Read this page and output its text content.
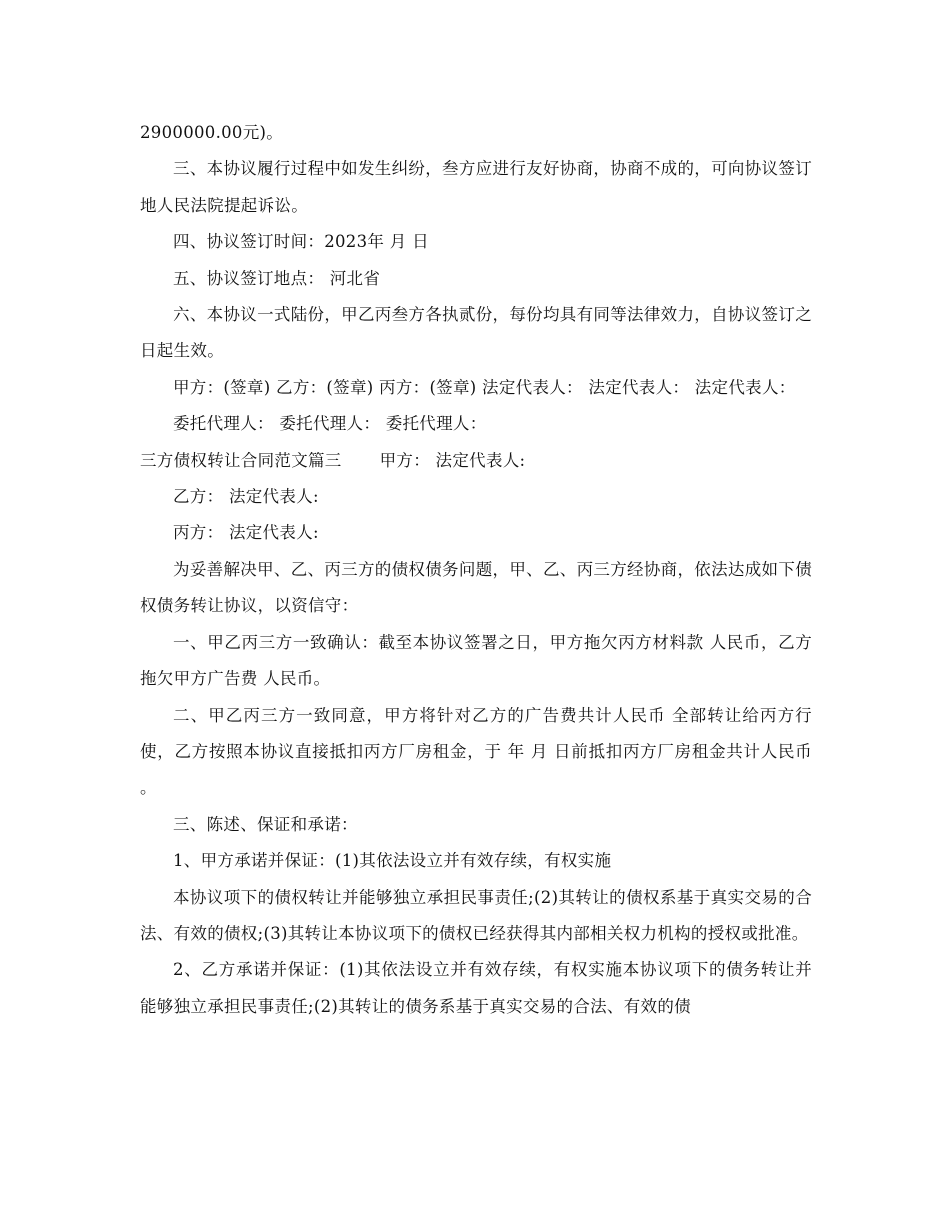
2900000.00元)。

三、本协议履行过程中如发生纠纷，叁方应进行友好协商，协商不成的，可向协议签订地人民法院提起诉讼。

四、协议签订时间：2023年 月 日

五、协议签订地点： 河北省

六、本协议一式陆份，甲乙丙叁方各执贰份，每份均具有同等法律效力，自协议签订之日起生效。

甲方：(签章) 乙方：(签章) 丙方：(签章) 法定代表人： 法定代表人： 法定代表人：

委托代理人： 委托代理人： 委托代理人：

三方债权转让合同范文篇三 甲方： 法定代表人:

乙方： 法定代表人:

丙方： 法定代表人:

为妥善解决甲、乙、丙三方的债权债务问题，甲、乙、丙三方经协商，依法达成如下债权债务转让协议，以资信守：

一、甲乙丙三方一致确认：截至本协议签署之日，甲方拖欠丙方材料款 人民币，乙方拖欠甲方广告费 人民币。

二、甲乙丙三方一致同意，甲方将针对乙方的广告费共计人民币 全部转让给丙方行使，乙方按照本协议直接抵扣丙方厂房租金，于 年 月 日前抵扣丙方厂房租金共计人民币 。

三、陈述、保证和承诺：

1、甲方承诺并保证：(1)其依法设立并有效存续，有权实施

本协议项下的债权转让并能够独立承担民事责任;(2)其转让的债权系基于真实交易的合法、有效的债权;(3)其转让本协议项下的债权已经获得其内部相关权力机构的授权或批准。

2、乙方承诺并保证：(1)其依法设立并有效存续，有权实施本协议项下的债务转让并能够独立承担民事责任;(2)其转让的债务系基于真实交易的合法、有效的债
